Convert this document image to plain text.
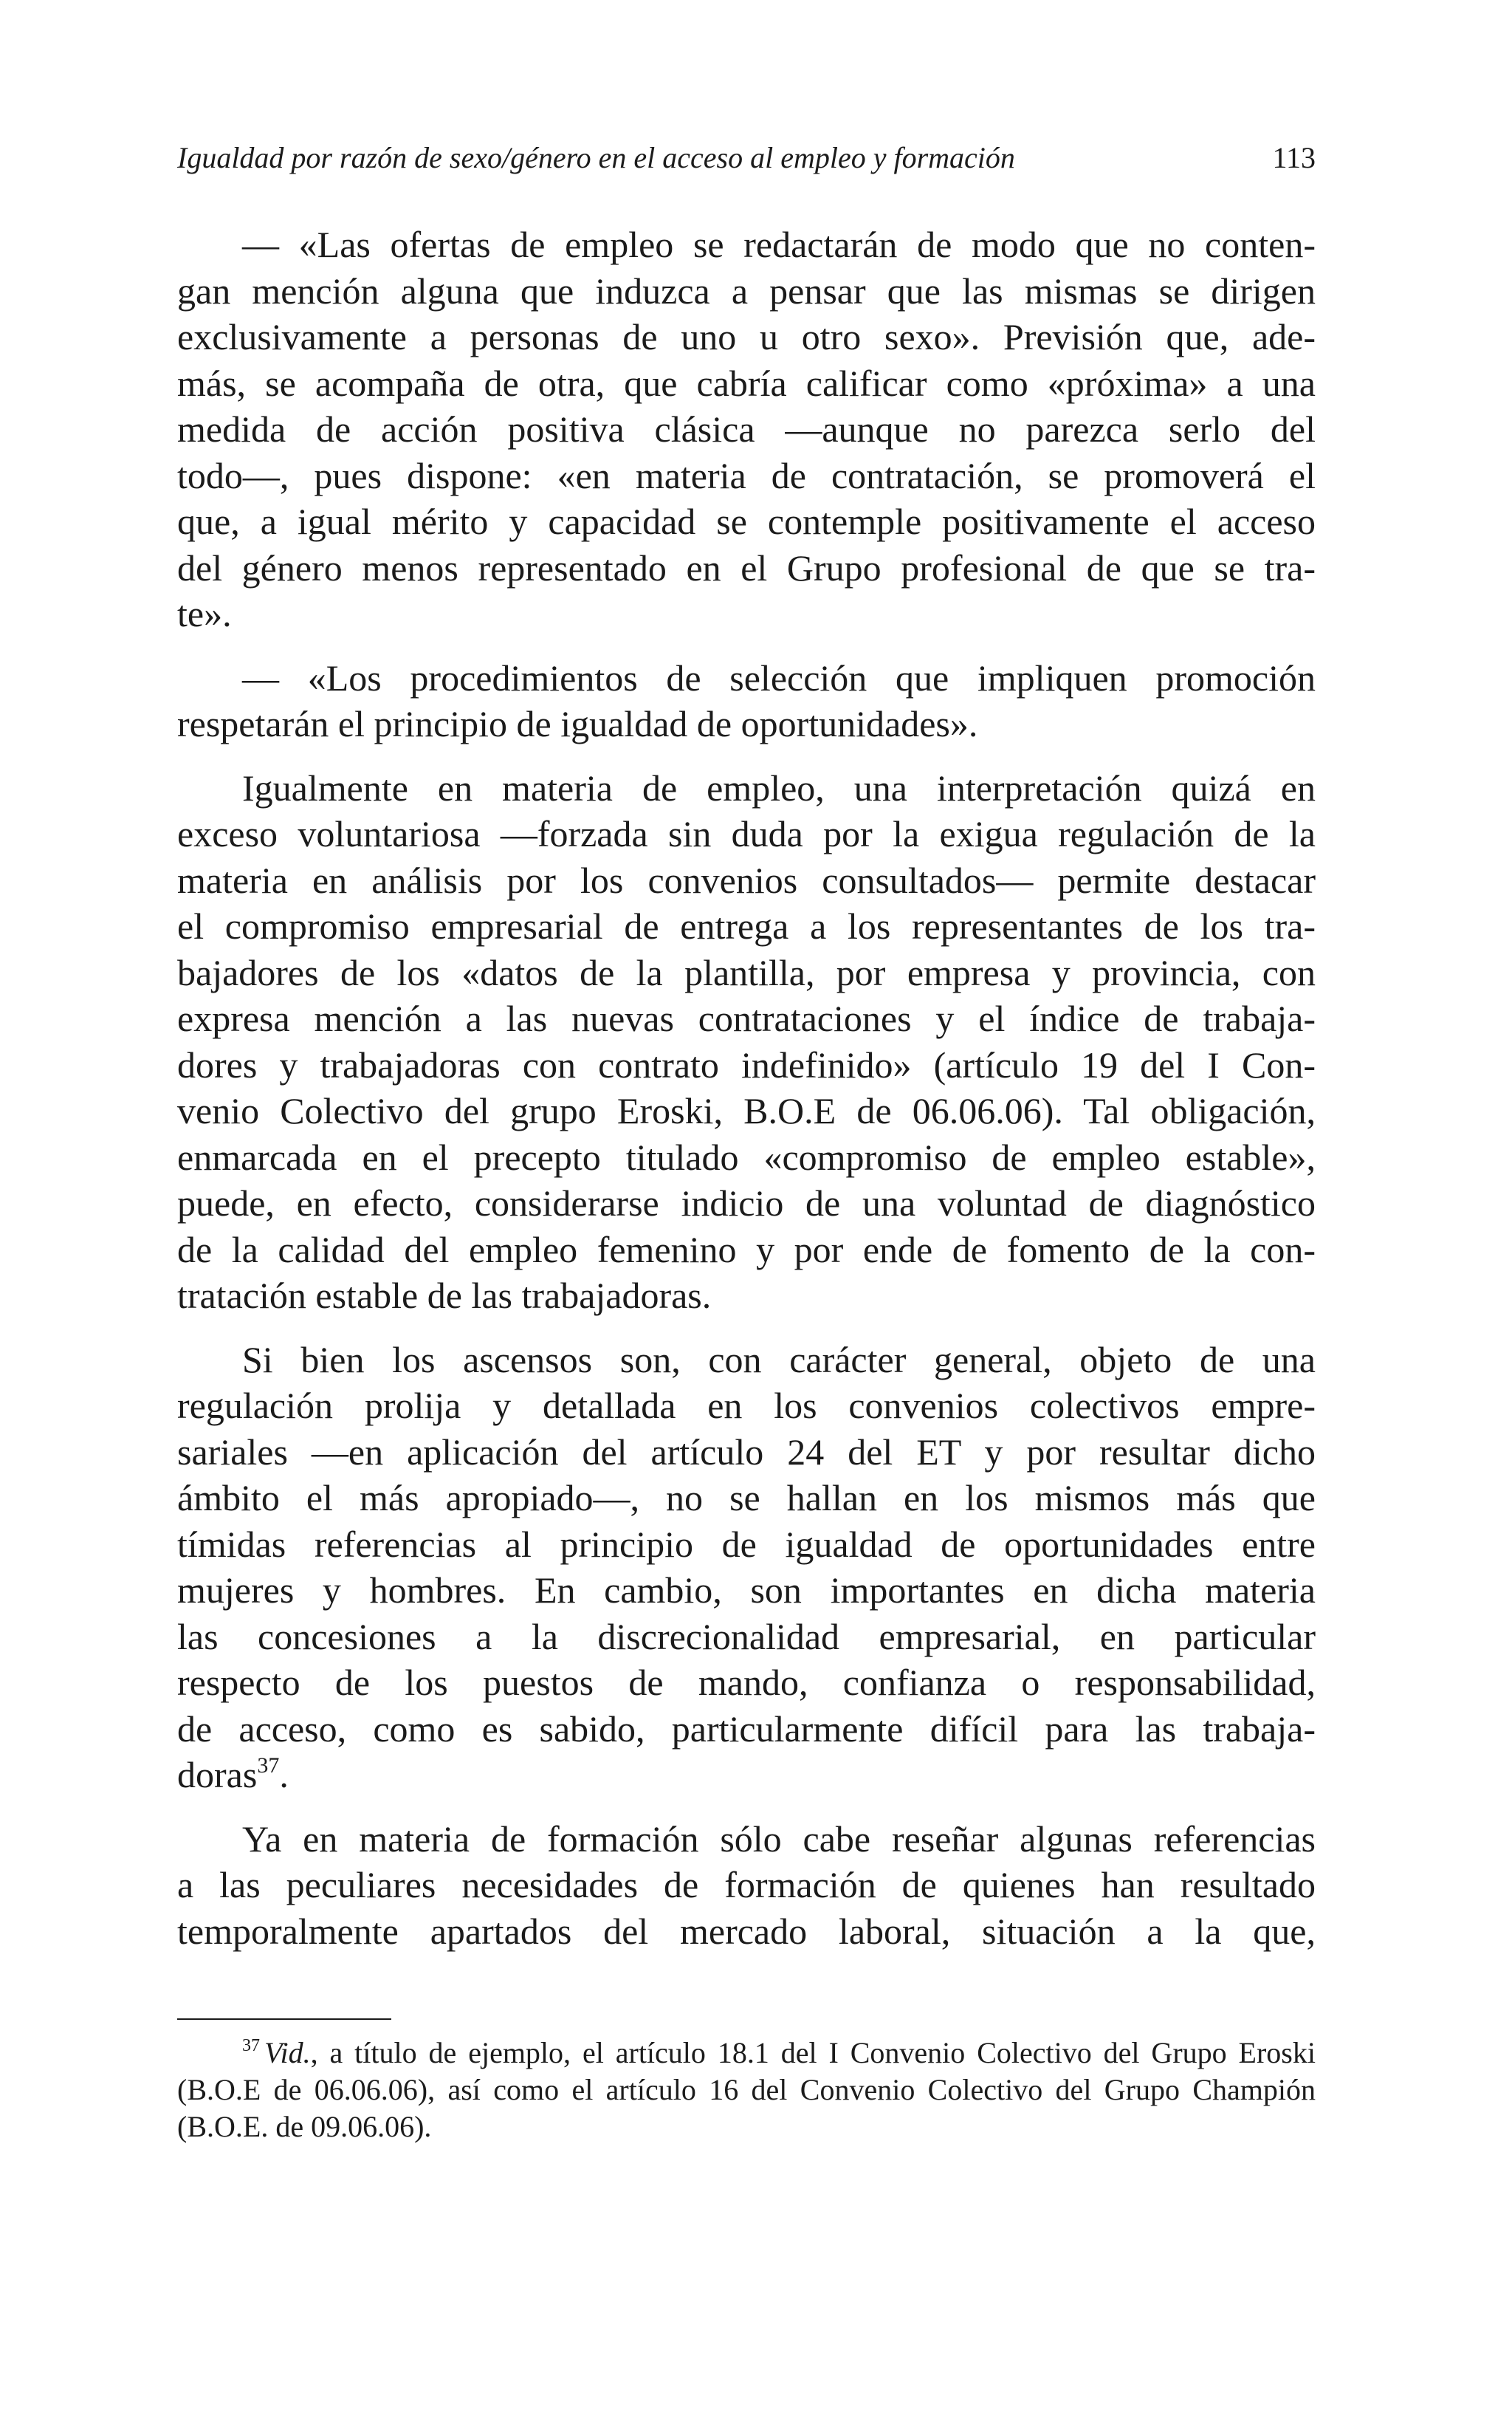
Igualdad por razón de sexo/género en el acceso al empleo y formación	113
— «Las ofertas de empleo se redactarán de modo que no conten-
gan mención alguna que induzca a pensar que las mismas se dirigen
exclusivamente a personas de uno u otro sexo». Previsión que, ade-
más, se acompaña de otra, que cabría calificar como «próxima» a una
medida de acción positiva clásica —aunque no parezca serlo del
todo—, pues dispone: «en materia de contratación, se promoverá el
que, a igual mérito y capacidad se contemple positivamente el acceso
del género menos representado en el Grupo profesional de que se tra-
te».
— «Los procedimientos de selección que impliquen promoción
respetarán el principio de igualdad de oportunidades».
Igualmente en materia de empleo, una interpretación quizá en
exceso voluntariosa —forzada sin duda por la exigua regulación de la
materia en análisis por los convenios consultados— permite destacar
el compromiso empresarial de entrega a los representantes de los tra-
bajadores de los «datos de la plantilla, por empresa y provincia, con
expresa mención a las nuevas contrataciones y el índice de trabaja-
dores y trabajadoras con contrato indefinido» (artículo 19 del I Con-
venio Colectivo del grupo Eroski, B.O.E de 06.06.06). Tal obligación,
enmarcada en el precepto titulado «compromiso de empleo estable»,
puede, en efecto, considerarse indicio de una voluntad de diagnóstico
de la calidad del empleo femenino y por ende de fomento de la con-
tratación estable de las trabajadoras.
Si bien los ascensos son, con carácter general, objeto de una
regulación prolija y detallada en los convenios colectivos empre-
sariales —en aplicación del artículo 24 del ET y por resultar dicho
ámbito el más apropiado—, no se hallan en los mismos más que
tímidas referencias al principio de igualdad de oportunidades entre
mujeres y hombres. En cambio, son importantes en dicha materia
las concesiones a la discrecionalidad empresarial, en particular
respecto de los puestos de mando, confianza o responsabilidad,
de acceso, como es sabido, particularmente difícil para las trabaja-
doras$^{37}$.
Ya en materia de formación sólo cabe reseñar algunas referencias
a las peculiares necesidades de formación de quienes han resultado
temporalmente apartados del mercado laboral, situación a la que,
$^{37}$ Vid., a título de ejemplo, el artículo 18.1 del I Convenio Colectivo del Grupo Eroski
(B.O.E de 06.06.06), así como el artículo 16 del Convenio Colectivo del Grupo Champión
(B.O.E. de 09.06.06).
